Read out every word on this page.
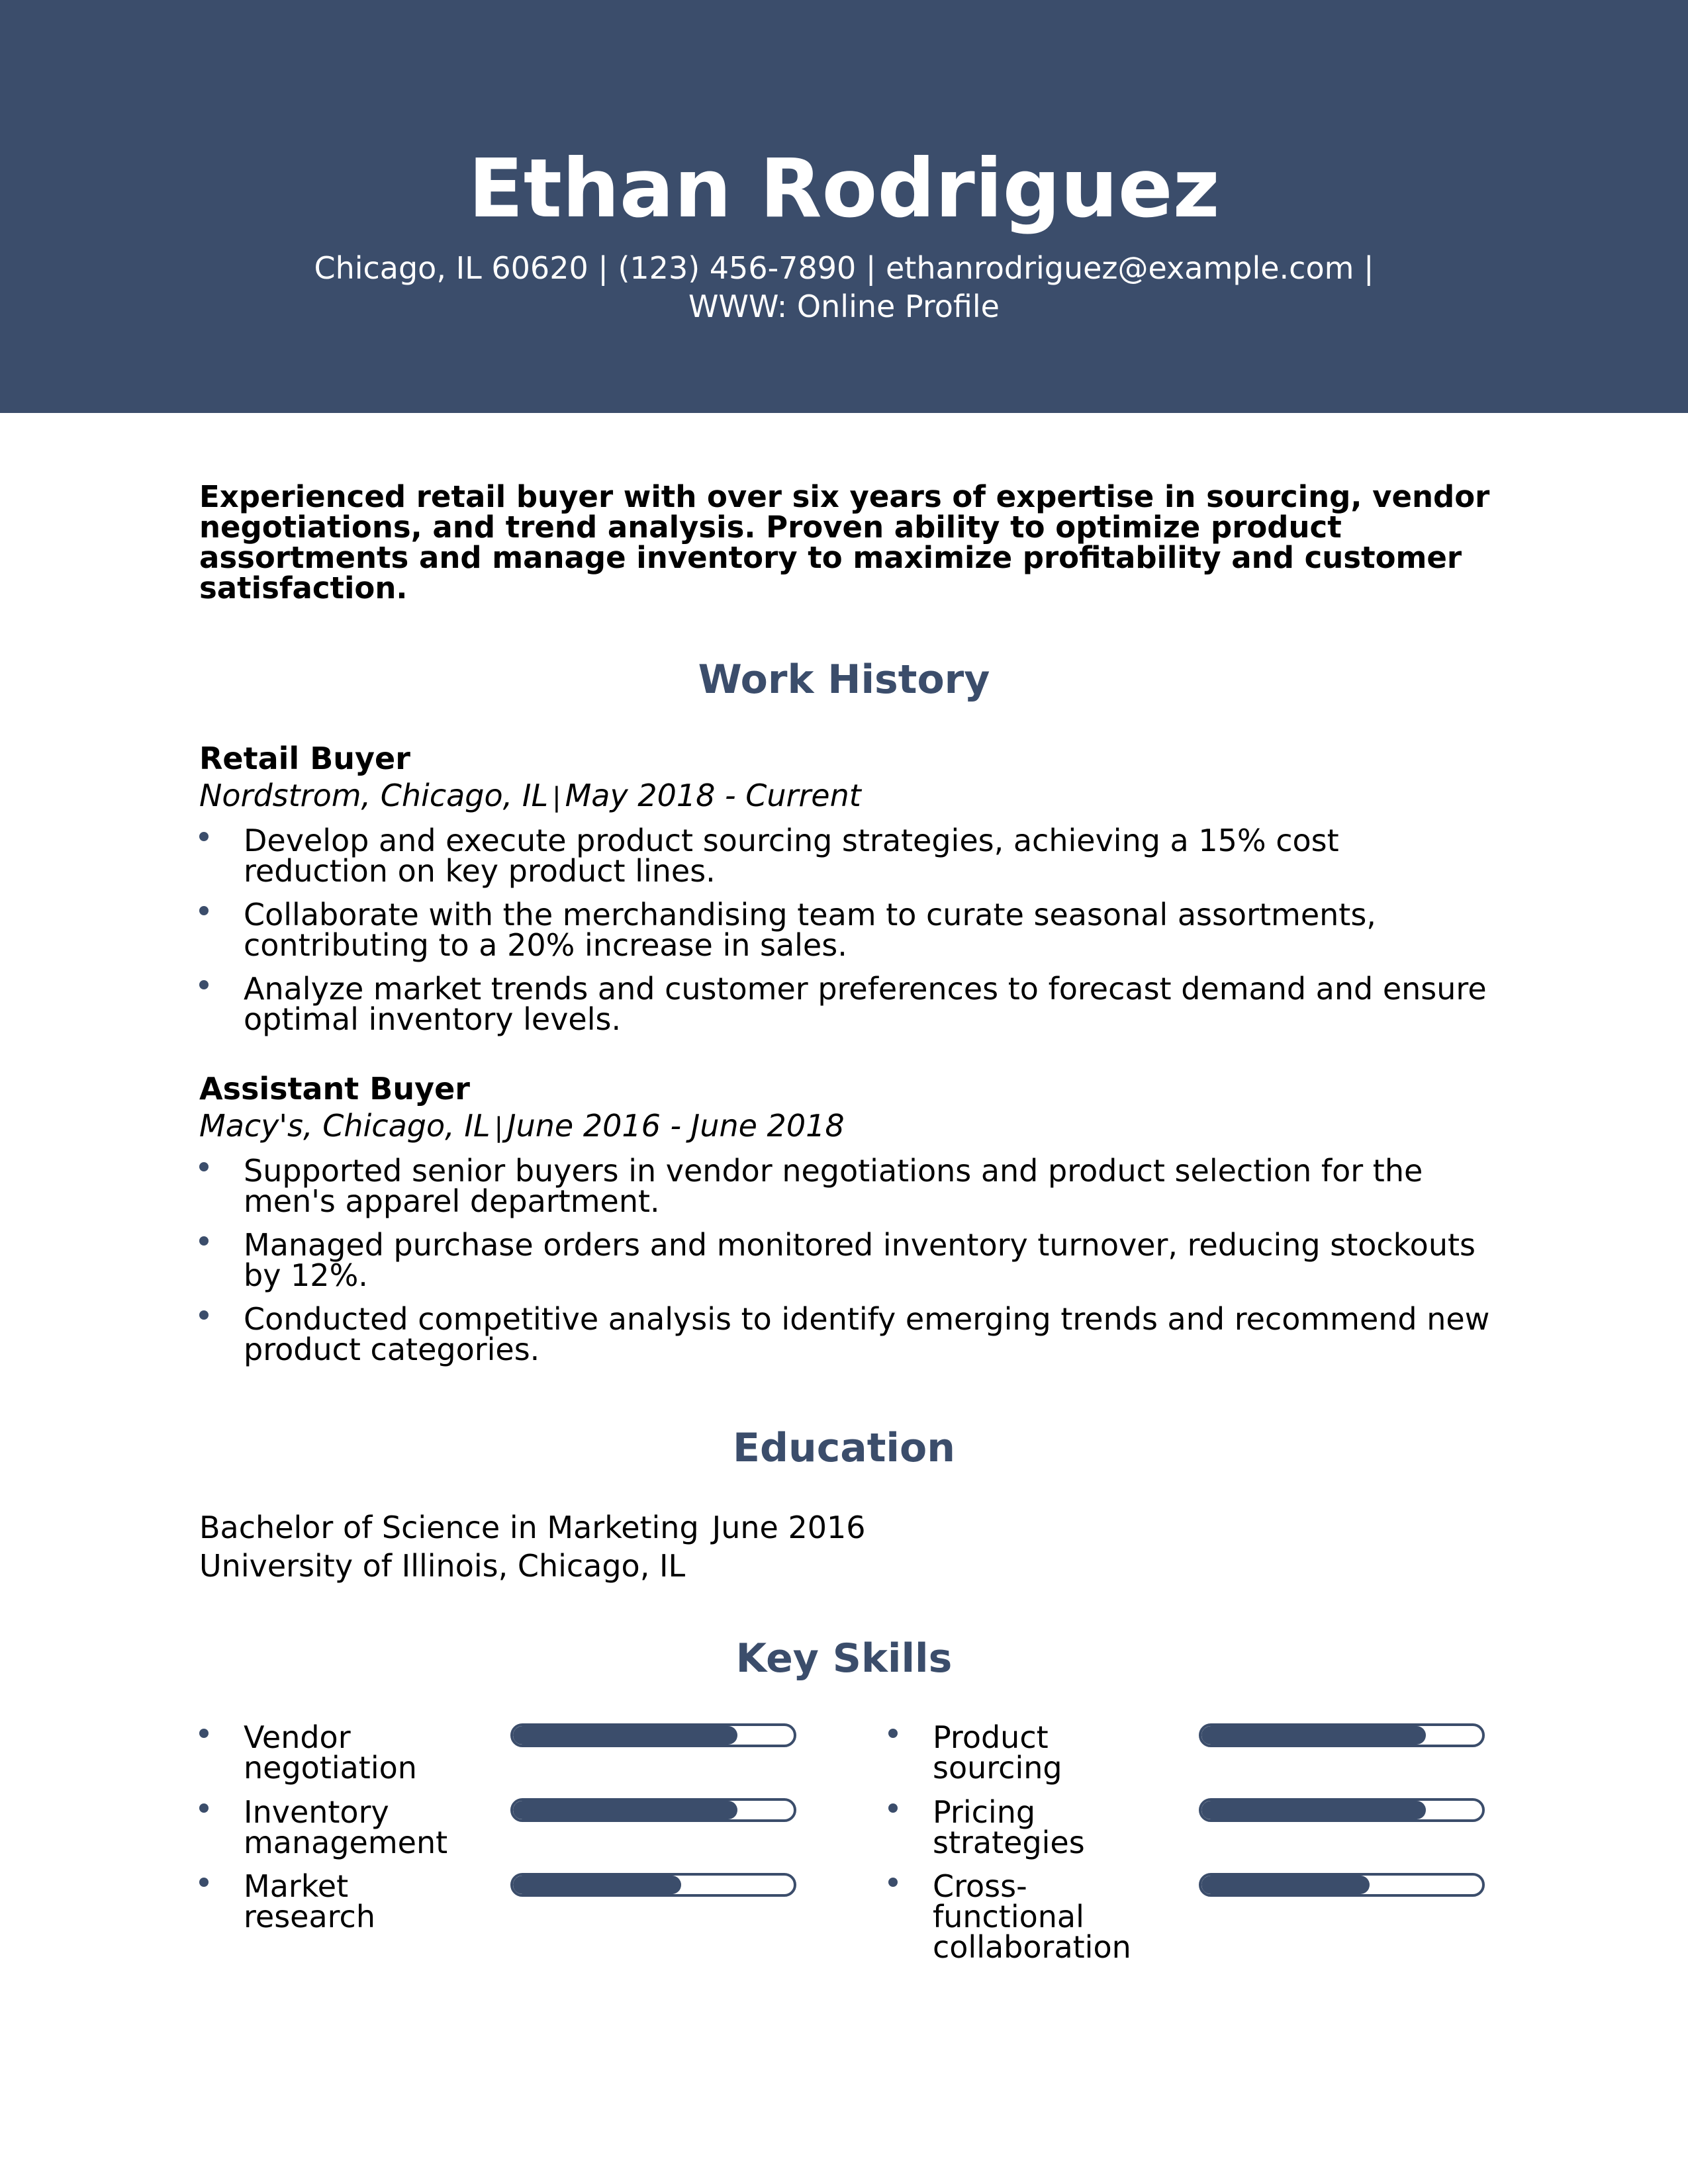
Ethan Rodriguez
Chicago, IL 60620 | (123) 456-7890 | ethanrodriguez@example.com |
WWW: Online Profile
Experienced retail buyer with over six years of expertise in sourcing, vendor negotiations, and trend analysis. Proven ability to optimize product assortments and manage inventory to maximize profitability and customer satisfaction.
Work History
Retail Buyer
Nordstrom, Chicago, IL | May 2018 - Current
Develop and execute product sourcing strategies, achieving a 15% cost reduction on key product lines.
Collaborate with the merchandising team to curate seasonal assortments, contributing to a 20% increase in sales.
Analyze market trends and customer preferences to forecast demand and ensure optimal inventory levels.
Assistant Buyer
Macy's, Chicago, IL | June 2016 - June 2018
Supported senior buyers in vendor negotiations and product selection for the men's apparel department.
Managed purchase orders and monitored inventory turnover, reducing stockouts by 12%.
Conducted competitive analysis to identify emerging trends and recommend new product categories.
Education
Bachelor of Science in Marketing June 2016
University of Illinois, Chicago, IL
Key Skills
Vendor negotiation
Product sourcing
Inventory management
Pricing strategies
Market research
Cross-functional collaboration
